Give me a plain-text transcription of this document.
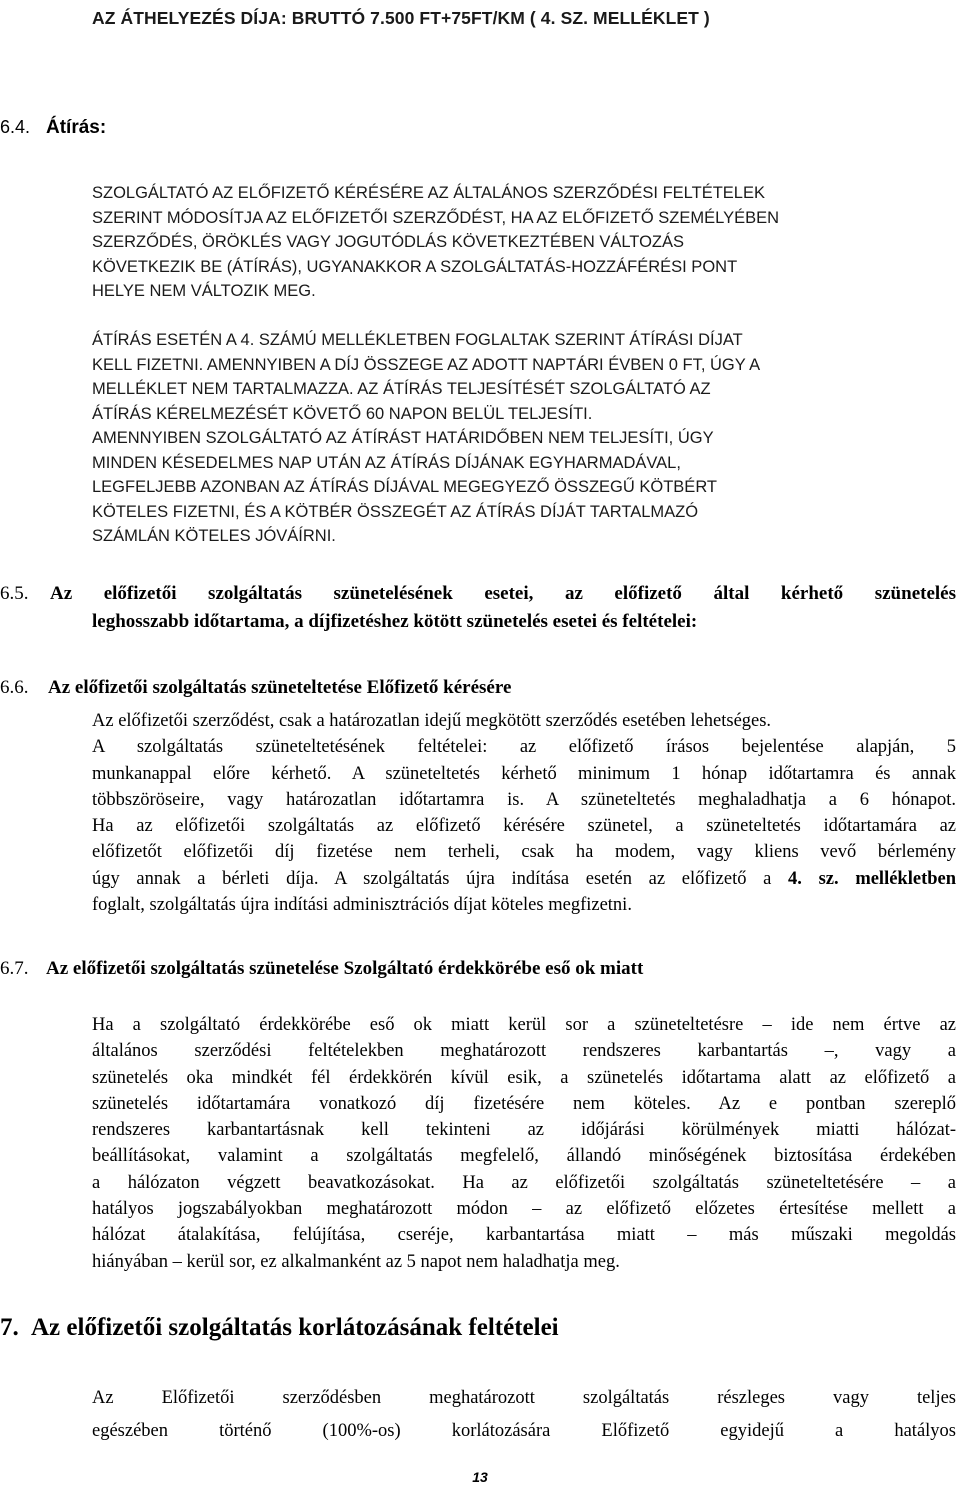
AZ ÁTHELYEZÉS DÍJA: BRUTTÓ 7.500 FT+75FT/KM ( 4. SZ. MELLÉKLET )
6.4. Átírás:
SZOLGÁLTATÓ AZ ELŐFIZETŐ KÉRÉSÉRE AZ ÁLTALÁNOS SZERZŐDÉSI FELTÉTELEK
SZERINT MÓDOSÍTJA AZ ELŐFIZETŐI SZERZŐDÉST, HA AZ ELŐFIZETŐ SZEMÉLYÉBEN
SZERZŐDÉS, ÖRÖKLÉS VAGY JOGUTÓDLÁS KÖVETKEZTÉBEN VÁLTOZÁS
KÖVETKEZIK BE (ÁTÍRÁS), UGYANAKKOR A SZOLGÁLTATÁS-HOZZÁFÉRÉSI PONT
HELYE NEM VÁLTOZIK MEG.
ÁTÍRÁS ESETÉN A 4. SZÁMÚ MELLÉKLETBEN FOGLALTAK SZERINT ÁTÍRÁSI DÍJAT
KELL FIZETNI. AMENNYIBEN A DÍJ ÖSSZEGE AZ ADOTT NAPTÁRI ÉVBEN 0 FT, ÚGY A
MELLÉKLET NEM TARTALMAZZA. AZ ÁTÍRÁS TELJESÍTÉSÉT SZOLGÁLTATÓ AZ
ÁTÍRÁS KÉRELMEZÉSÉT KÖVETŐ 60 NAPON BELÜL TELJESÍTI.
AMENNYIBEN SZOLGÁLTATÓ AZ ÁTÍRÁST HATÁRIDŐBEN NEM TELJESÍTI, ÚGY
MINDEN KÉSEDELMES NAP UTÁN AZ ÁTÍRÁS DÍJÁNAK EGYHARMADÁVAL,
LEGFELJEBB AZONBAN AZ ÁTÍRÁS DÍJÁVAL MEGEGYEZŐ ÖSSZEGŰ KÖTBÉRT
KÖTELES FIZETNI, ÉS A KÖTBÉR ÖSSZEGÉT AZ ÁTÍRÁS DÍJÁT TARTALMAZÓ
SZÁMLÁN KÖTELES JÓVÁÍRNI.
6.5. Az előfizetői szolgáltatás szünetelésének esetei, az előfizető által kérhető szünetelés
leghosszabb időtartama, a díjfizetéshez kötött szünetelés esetei és feltételei:
6.6. Az előfizetői szolgáltatás szüneteltetése Előfizető kérésére
Az előfizetői szerződést, csak a határozatlan idejű megkötött szerződés esetében lehetséges.
A szolgáltatás szüneteltetésének feltételei: az előfizető írásos bejelentése alapján, 5
munkanappal előre kérhető. A szüneteltetés kérhető minimum 1 hónap időtartamra és annak
többszöröseire, vagy határozatlan időtartamra is. A szüneteltetés meghaladhatja a 6 hónapot.
Ha az előfizetői szolgáltatás az előfizető kérésére szünetel, a szüneteltetés időtartamára az
előfizetőt előfizetői díj fizetése nem terheli, csak ha modem, vagy kliens vevő bérlemény
úgy annak a bérleti díja. A szolgáltatás újra indítása esetén az előfizető a 4. sz. mellékletben
foglalt, szolgáltatás újra indítási adminisztrációs díjat köteles megfizetni.
6.7. Az előfizetői szolgáltatás szünetelése Szolgáltató érdekkörébe eső ok miatt
Ha a szolgáltató érdekkörébe eső ok miatt kerül sor a szüneteltetésre – ide nem értve az
általános szerződési feltételekben meghatározott rendszeres karbantartás –, vagy a
szünetelés oka mindkét fél érdekkörén kívül esik, a szünetelés időtartama alatt az előfizető a
szünetelés időtartamára vonatkozó díj fizetésére nem köteles. Az e pontban szereplő
rendszeres karbantartásnak kell tekinteni az időjárási körülmények miatti hálózat-
beállításokat, valamint a szolgáltatás megfelelő, állandó minőségének biztosítása érdekében
a hálózaton végzett beavatkozásokat. Ha az előfizetői szolgáltatás szüneteltetésére – a
hatályos jogszabályokban meghatározott módon – az előfizető előzetes értesítése mellett a
hálózat átalakítása, felújítása, cseréje, karbantartása miatt – más műszaki megoldás
hiányában – kerül sor, ez alkalmanként az 5 napot nem haladhatja meg.
7. Az előfizetői szolgáltatás korlátozásának feltételei
Az Előfizetői szerződésben meghatározott szolgáltatás részleges vagy teljes
egészében történő (100%-os) korlátozására Előfizető egyidejű a hatályos
13
